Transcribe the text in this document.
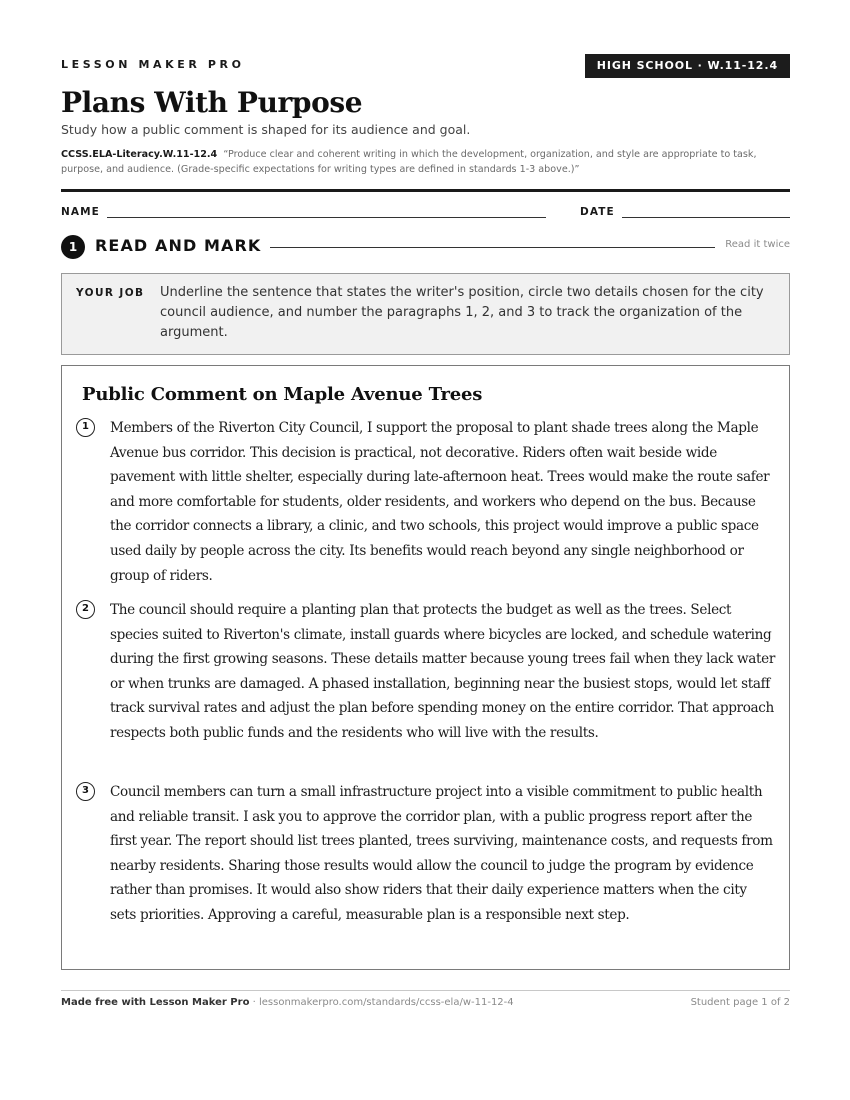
LESSON MAKER PRO	HIGH SCHOOL · W.11-12.4
Plans With Purpose
Study how a public comment is shaped for its audience and goal.
CCSS.ELA-Literacy.W.11-12.4 “Produce clear and coherent writing in which the development, organization, and style are appropriate to task, purpose, and audience. (Grade-specific expectations for writing types are defined in standards 1-3 above.)”
NAME	DATE
1	READ AND MARK	Read it twice
YOUR JOB Underline the sentence that states the writer's position, circle two details chosen for the city council audience, and number the paragraphs 1, 2, and 3 to track the organization of the argument.
Public Comment on Maple Avenue Trees
1	Members of the Riverton City Council, I support the proposal to plant shade trees along the Maple Avenue bus corridor. This decision is practical, not decorative. Riders often wait beside wide pavement with little shelter, especially during late-afternoon heat. Trees would make the route safer and more comfortable for students, older residents, and workers who depend on the bus. Because the corridor connects a library, a clinic, and two schools, this project would improve a public space used daily by people across the city. Its benefits would reach beyond any single neighborhood or group of riders.

2	The council should require a planting plan that protects the budget as well as the trees. Select species suited to Riverton's climate, install guards where bicycles are locked, and schedule watering during the first growing seasons. These details matter because young trees fail when they lack water or when trunks are damaged. A phased installation, beginning near the busiest stops, would let staff track survival rates and adjust the plan before spending money on the entire corridor. That approach respects both public funds and the residents who will live with the results.

3	Council members can turn a small infrastructure project into a visible commitment to public health and reliable transit. I ask you to approve the corridor plan, with a public progress report after the first year. The report should list trees planted, trees surviving, maintenance costs, and requests from nearby residents. Sharing those results would allow the council to judge the program by evidence rather than promises. It would also show riders that their daily experience matters when the city sets priorities. Approving a careful, measurable plan is a responsible next step.

Made free with Lesson Maker Pro · lessonmakerpro.com/standards/ccss-ela/w-11-12-4	Student page 1 of 2
